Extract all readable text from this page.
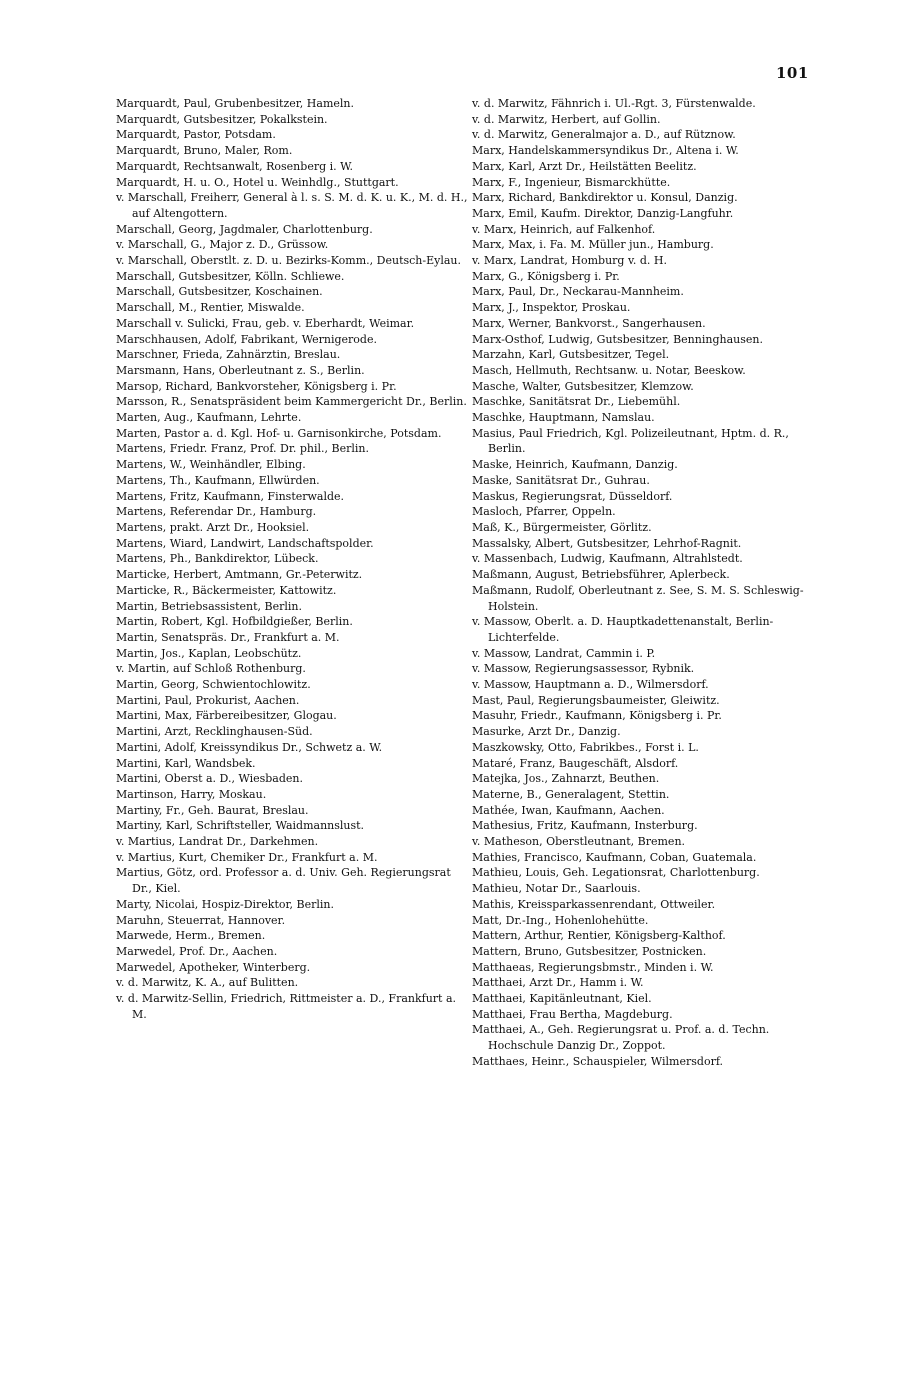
101
Marquardt, Paul, Grubenbesitzer, Hameln.
Marquardt, Gutsbesitzer, Pokalkstein.
Marquardt, Pastor, Potsdam.
Marquardt, Bruno, Maler, Rom.
Marquardt, Rechtsanwalt, Rosenberg i. W.
Marquardt, H. u. O., Hotel u. Weinhdlg., Stuttgart.
v. Marschall, Freiherr, General à l. s. S. M. d. K. u. K., M. d. H., auf Altengottern.
Marschall, Georg, Jagdmaler, Charlottenburg.
v. Marschall, G., Major z. D., Grüssow.
v. Marschall, Oberstlt. z. D. u. Bezirks-Komm., Deutsch-Eylau.
Marschall, Gutsbesitzer, Kölln. Schliewe.
Marschall, Gutsbesitzer, Koschainen.
Marschall, M., Rentier, Miswalde.
Marschall v. Sulicki, Frau, geb. v. Eberhardt, Weimar.
Marschhausen, Adolf, Fabrikant, Wernigerode.
Marschner, Frieda, Zahnärztin, Breslau.
Marsmann, Hans, Oberleutnant z. S., Berlin.
Marsop, Richard, Bankvorsteher, Königsberg i. Pr.
Marsson, R., Senatspräsident beim Kammergericht Dr., Berlin.
Marten, Aug., Kaufmann, Lehrte.
Marten, Pastor a. d. Kgl. Hof- u. Garnisonkirche, Potsdam.
Martens, Friedr. Franz, Prof. Dr. phil., Berlin.
Martens, W., Weinhändler, Elbing.
Martens, Th., Kaufmann, Ellwürden.
Martens, Fritz, Kaufmann, Finsterwalde.
Martens, Referendar Dr., Hamburg.
Martens, prakt. Arzt Dr., Hooksiel.
Martens, Wiard, Landwirt, Landschaftspolder.
Martens, Ph., Bankdirektor, Lübeck.
Marticke, Herbert, Amtmann, Gr.-Peterwitz.
Marticke, R., Bäckermeister, Kattowitz.
Martin, Betriebsassistent, Berlin.
Martin, Robert, Kgl. Hofbildgießer, Berlin.
Martin, Senatspräs. Dr., Frankfurt a. M.
Martin, Jos., Kaplan, Leobschütz.
v. Martin, auf Schloß Rothenburg.
Martin, Georg, Schwientochlowitz.
Martini, Paul, Prokurist, Aachen.
Martini, Max, Färbereibesitzer, Glogau.
Martini, Arzt, Recklinghausen-Süd.
Martini, Adolf, Kreissyndikus Dr., Schwetz a. W.
Martini, Karl, Wandsbek.
Martini, Oberst a. D., Wiesbaden.
Martinson, Harry, Moskau.
Martiny, Fr., Geh. Baurat, Breslau.
Martiny, Karl, Schriftsteller, Waidmannslust.
v. Martius, Landrat Dr., Darkehmen.
v. Martius, Kurt, Chemiker Dr., Frankfurt a. M.
Martius, Götz, ord. Professor a. d. Univ. Geh. Regierungsrat Dr., Kiel.
Marty, Nicolai, Hospiz-Direktor, Berlin.
Maruhn, Steuerrat, Hannover.
Marwede, Herm., Bremen.
Marwedel, Prof. Dr., Aachen.
Marwedel, Apotheker, Winterberg.
v. d. Marwitz, K. A., auf Bulitten.
v. d. Marwitz-Sellin, Friedrich, Rittmeister a. D., Frankfurt a. M.
v. d. Marwitz, Fähnrich i. Ul.-Rgt. 3, Fürstenwalde.
v. d. Marwitz, Herbert, auf Gollin.
v. d. Marwitz, Generalmajor a. D., auf Rütznow.
Marx, Handelskammersyndikus Dr., Altena i. W.
Marx, Karl, Arzt Dr., Heilstätten Beelitz.
Marx, F., Ingenieur, Bismarckhütte.
Marx, Richard, Bankdirektor u. Konsul, Danzig.
Marx, Emil, Kaufm. Direktor, Danzig-Langfuhr.
v. Marx, Heinrich, auf Falkenhof.
Marx, Max, i. Fa. M. Müller jun., Hamburg.
v. Marx, Landrat, Homburg v. d. H.
Marx, G., Königsberg i. Pr.
Marx, Paul, Dr., Neckarau-Mannheim.
Marx, J., Inspektor, Proskau.
Marx, Werner, Bankvorst., Sangerhausen.
Marx-Osthof, Ludwig, Gutsbesitzer, Benninghausen.
Marzahn, Karl, Gutsbesitzer, Tegel.
Masch, Hellmuth, Rechtsanw. u. Notar, Beeskow.
Masche, Walter, Gutsbesitzer, Klemzow.
Maschke, Sanitätsrat Dr., Liebemühl.
Maschke, Hauptmann, Namslau.
Masius, Paul Friedrich, Kgl. Polizeileutnant, Hptm. d. R., Berlin.
Maske, Heinrich, Kaufmann, Danzig.
Maske, Sanitätsrat Dr., Guhrau.
Maskus, Regierungsrat, Düsseldorf.
Masloch, Pfarrer, Oppeln.
Maß, K., Bürgermeister, Görlitz.
Massalsky, Albert, Gutsbesitzer, Lehrhof-Ragnit.
v. Massenbach, Ludwig, Kaufmann, Altrahlstedt.
Maßmann, August, Betriebsführer, Aplerbeck.
Maßmann, Rudolf, Oberleutnant z. See, S. M. S. Schleswig-Holstein.
v. Massow, Oberlt. a. D. Hauptkadettenanstalt, Berlin-Lichterfelde.
v. Massow, Landrat, Cammin i. P.
v. Massow, Regierungsassessor, Rybnik.
v. Massow, Hauptmann a. D., Wilmersdorf.
Mast, Paul, Regierungsbaumeister, Gleiwitz.
Masuhr, Friedr., Kaufmann, Königsberg i. Pr.
Masurke, Arzt Dr., Danzig.
Maszkowsky, Otto, Fabrikbes., Forst i. L.
Mataré, Franz, Baugeschäft, Alsdorf.
Matejka, Jos., Zahnarzt, Beuthen.
Materne, B., Generalagent, Stettin.
Mathée, Iwan, Kaufmann, Aachen.
Mathesius, Fritz, Kaufmann, Insterburg.
v. Matheson, Oberstleutnant, Bremen.
Mathies, Francisco, Kaufmann, Coban, Guatemala.
Mathieu, Louis, Geh. Legationsrat, Charlottenburg.
Mathieu, Notar Dr., Saarlouis.
Mathis, Kreissparkassenrendant, Ottweiler.
Matt, Dr.-Ing., Hohenlohehütte.
Mattern, Arthur, Rentier, Königsberg-Kalthof.
Mattern, Bruno, Gutsbesitzer, Postnicken.
Matthaeas, Regierungsbmstr., Minden i. W.
Matthaei, Arzt Dr., Hamm i. W.
Matthaei, Kapitänleutnant, Kiel.
Matthaei, Frau Bertha, Magdeburg.
Matthaei, A., Geh. Regierungsrat u. Prof. a. d. Techn. Hochschule Danzig Dr., Zoppot.
Matthaes, Heinr., Schauspieler, Wilmersdorf.
